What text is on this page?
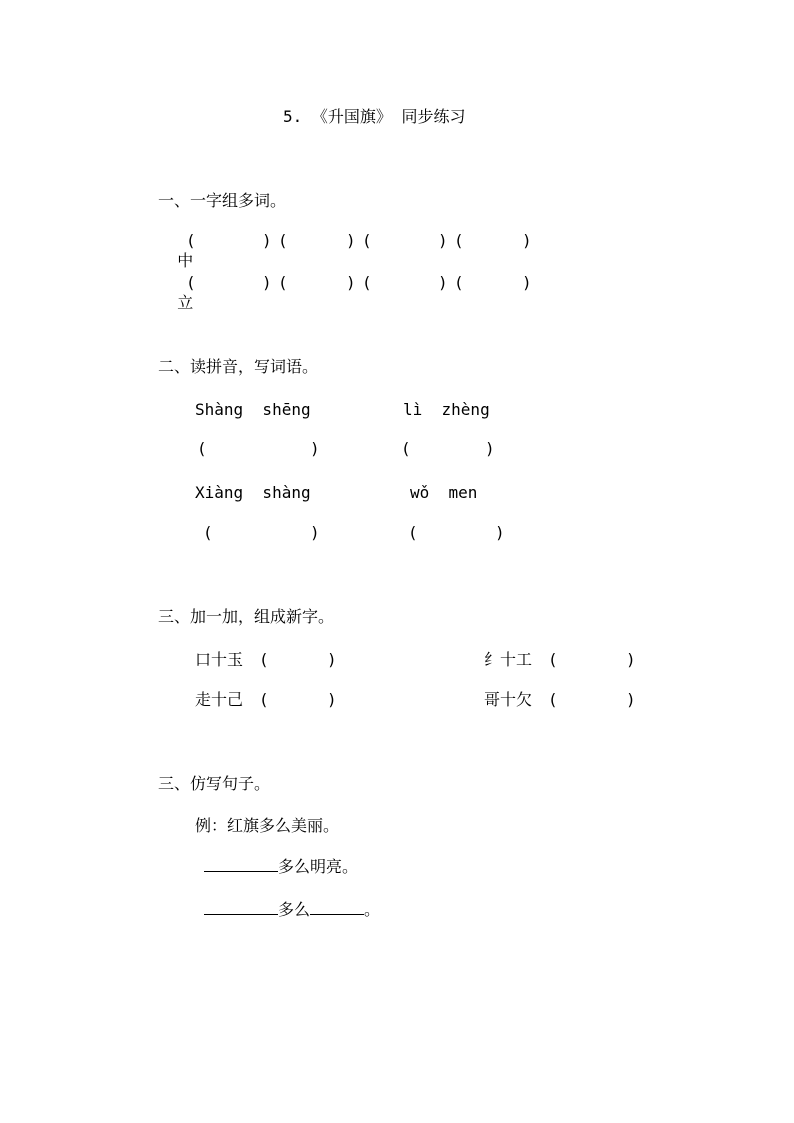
5. 《升国旗》 同步练习
一、一字组多词。

中

(	) (	) (	) (	)

立

(	) (	) (	) (	)
二、读拼音，写词语。
Shàng  shēng	lì  zhèng
(	)	(	)
Xiàng  shàng	wǒ  men
(	)	(	)
三、加一加，组成新字。
口十玉 (	)	纟十工 (	)
走十己 (	)	哥十欠 (	)
三、仿写句子。
例：红旗多么美丽。
多么明亮。
多么	。
